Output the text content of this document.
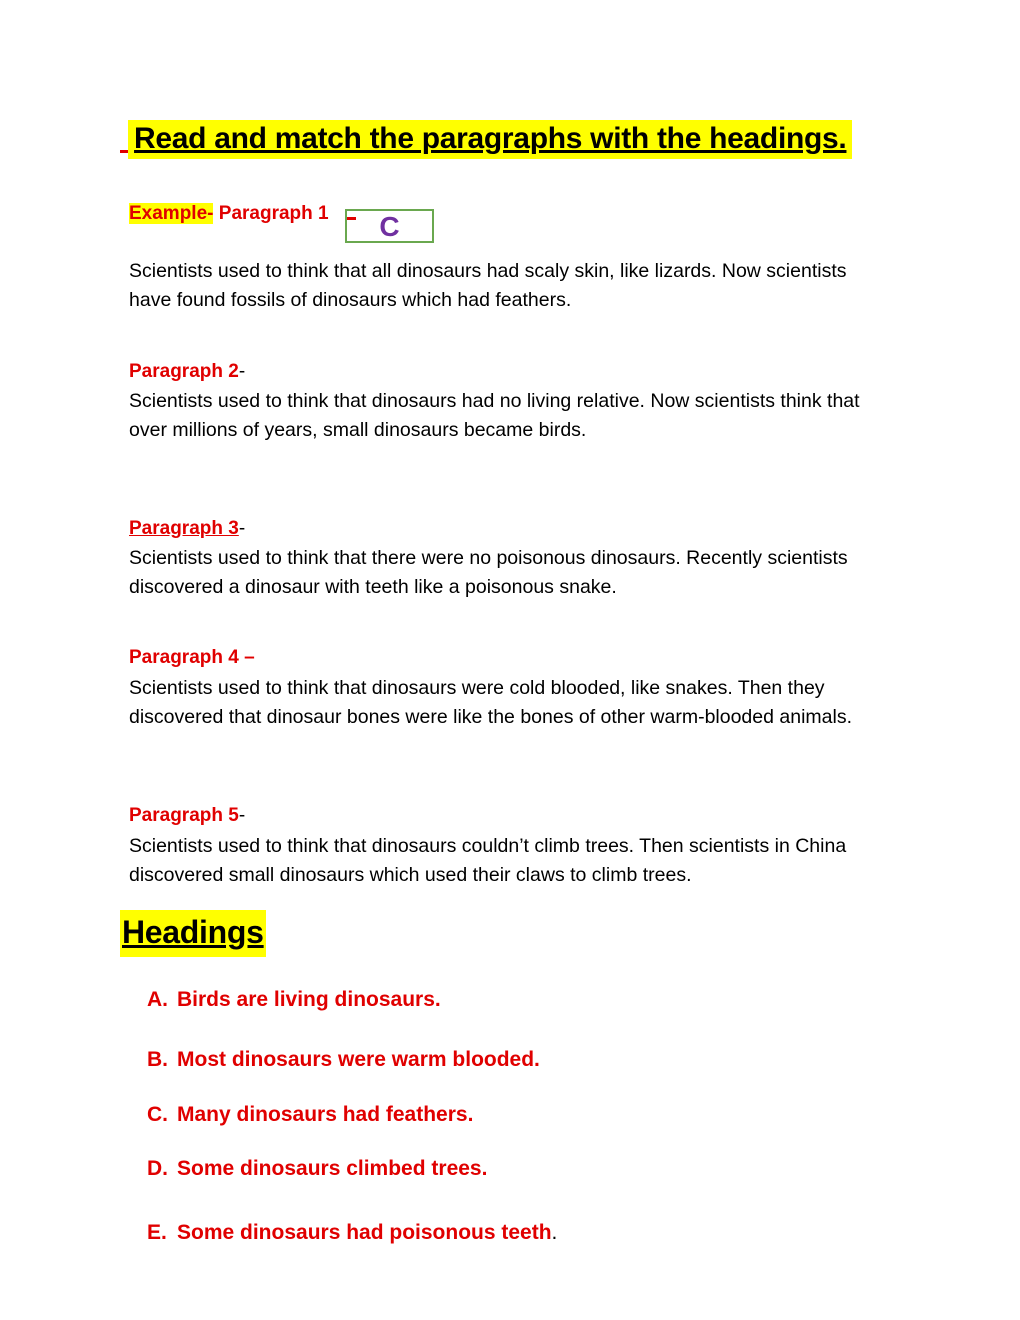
Read and match the paragraphs with the headings.
Example- Paragraph 1	C
Scientists used to think that all dinosaurs had scaly skin, like lizards. Now scientists have found fossils of dinosaurs which had feathers.
Paragraph 2-
Scientists used to think that dinosaurs had no living relative. Now scientists think that over millions of years, small dinosaurs became birds.
Paragraph 3-
Scientists used to think that there were no poisonous dinosaurs. Recently scientists discovered a dinosaur with teeth like a poisonous snake.
Paragraph 4 –
Scientists used to think that dinosaurs were cold blooded, like snakes. Then they discovered that dinosaur bones were like the bones of other warm-blooded animals.
Paragraph 5-
Scientists used to think that dinosaurs couldn’t climb trees. Then scientists in China discovered small dinosaurs which used their claws to climb trees.
Headings
A. Birds are living dinosaurs.
B. Most dinosaurs were warm blooded.
C. Many dinosaurs had feathers.
D. Some dinosaurs climbed trees.
E. Some dinosaurs had poisonous teeth.
